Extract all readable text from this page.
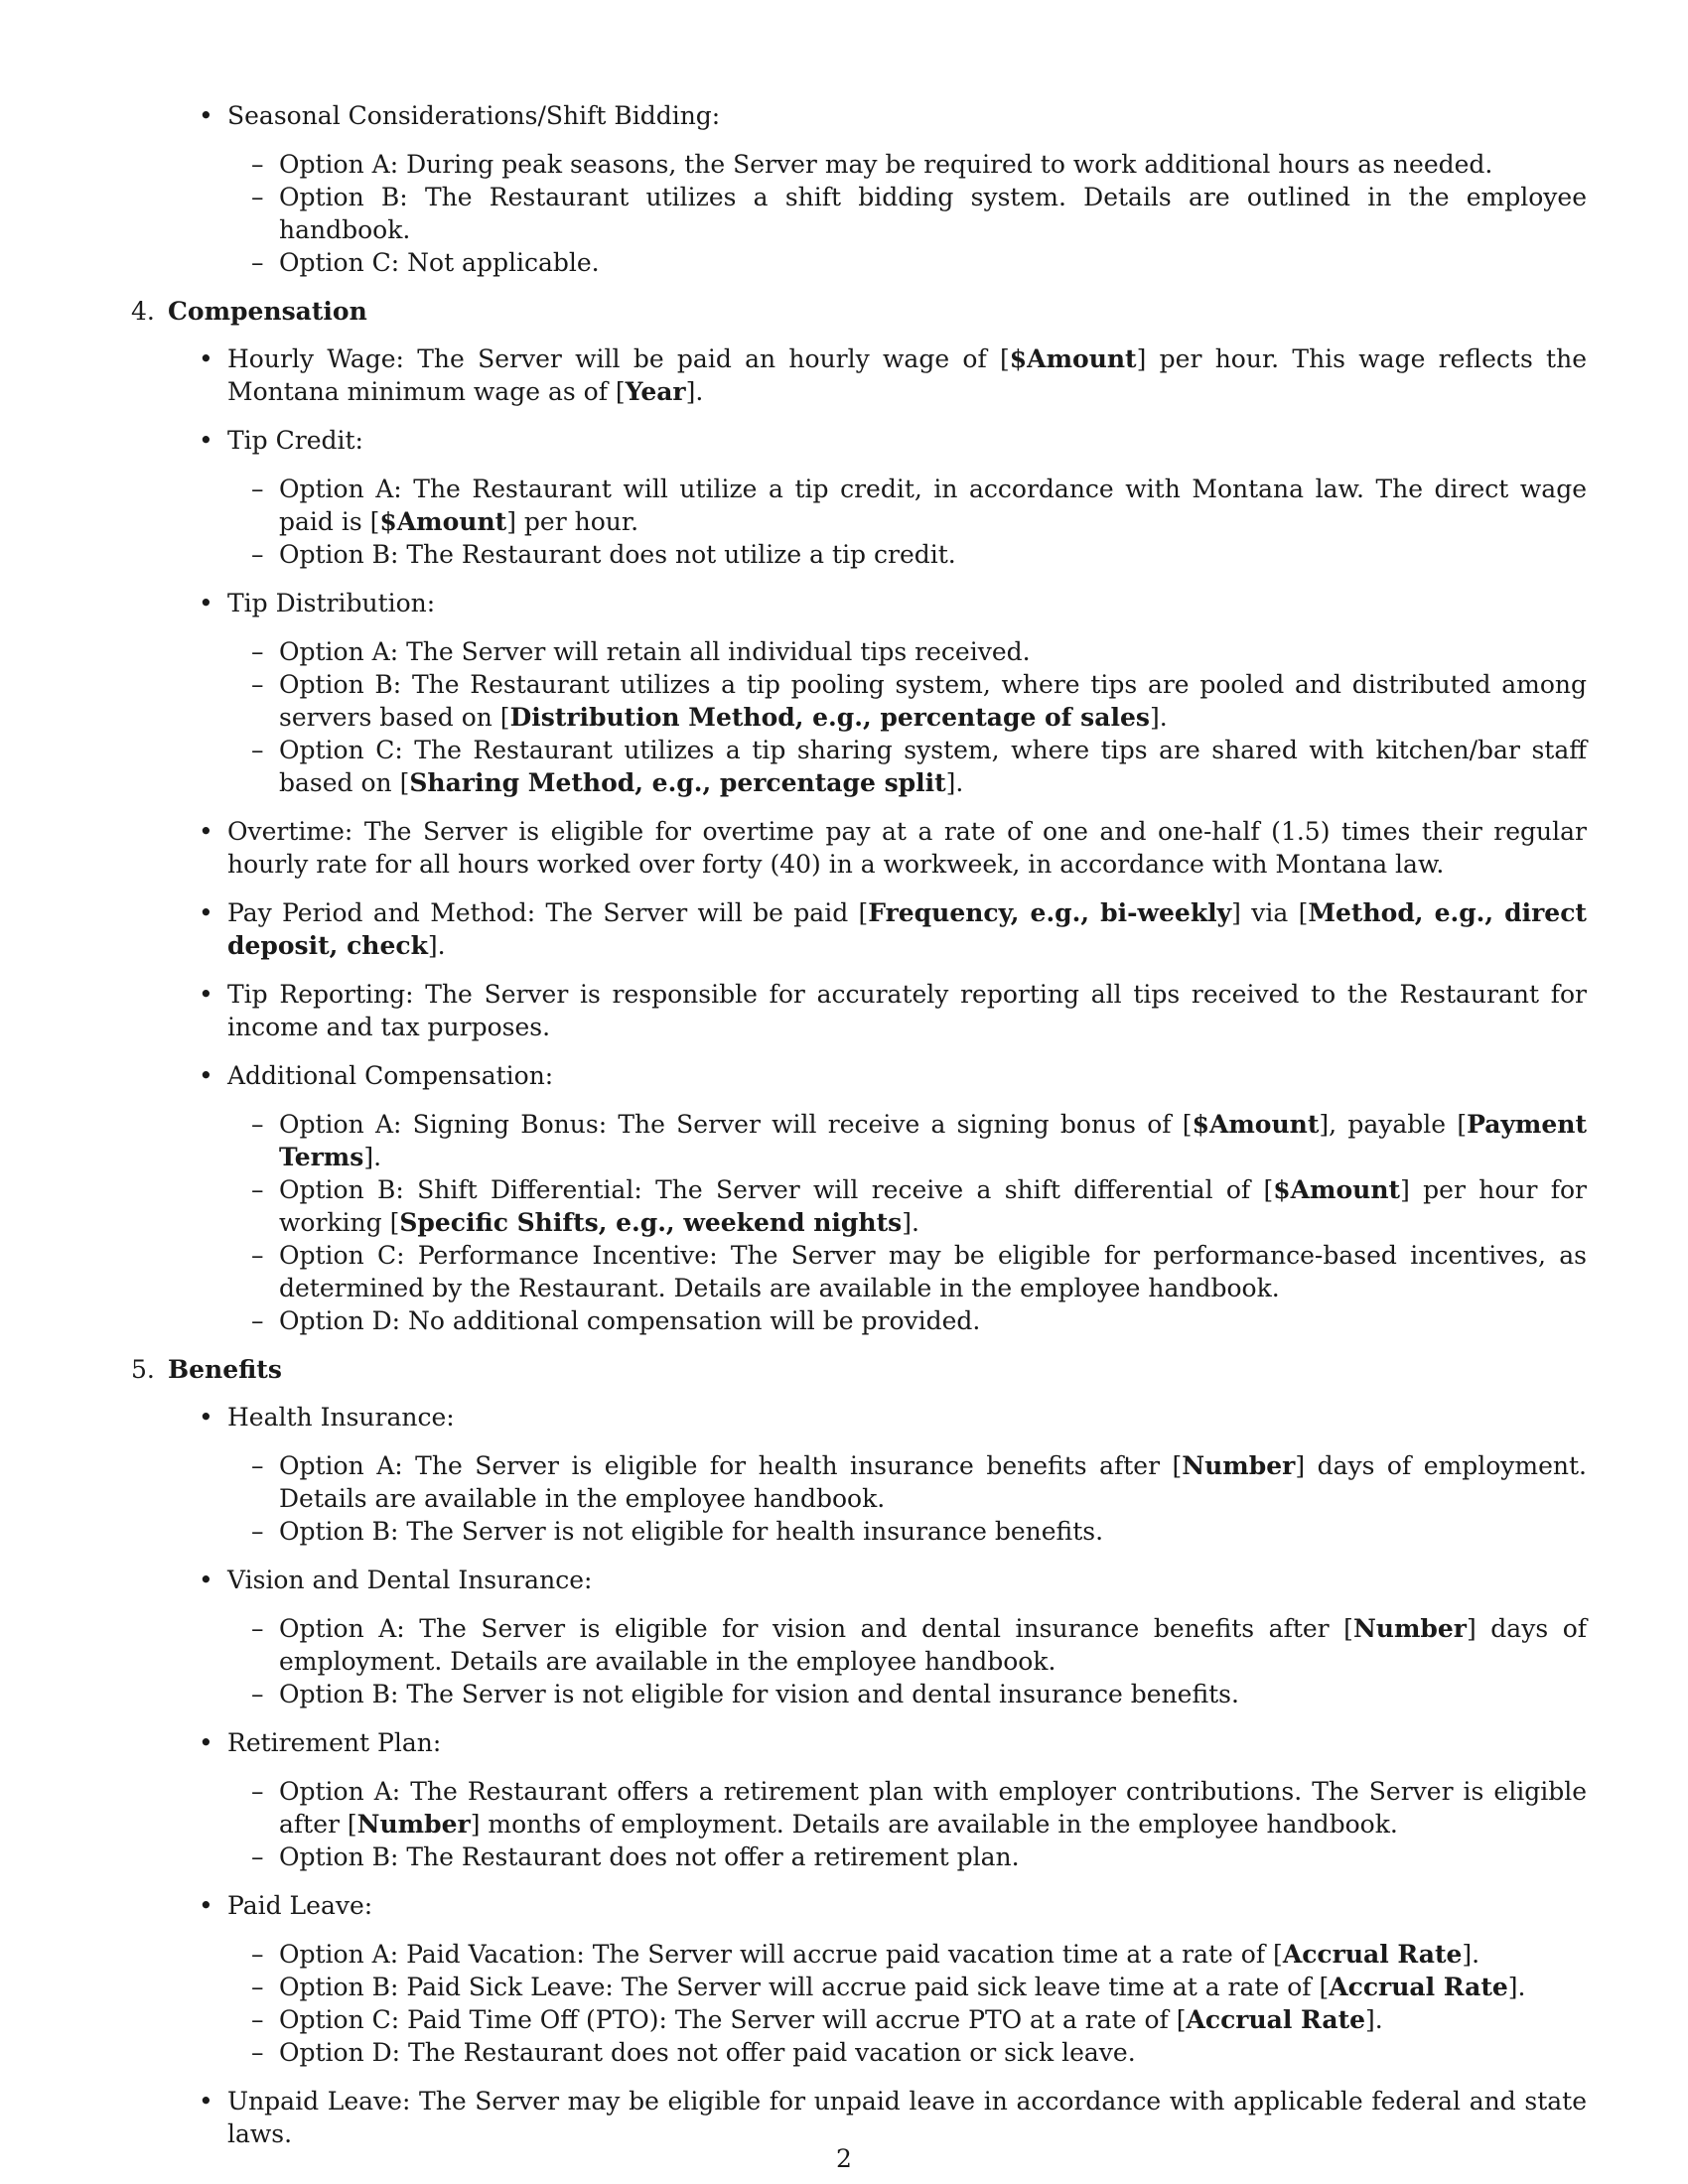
• Seasonal Considerations/Shift Bidding:
– Option A: During peak seasons, the Server may be required to work additional hours as needed.
– Option B: The Restaurant utilizes a shift bidding system. Details are outlined in the employee handbook.
– Option C: Not applicable.
4. Compensation
• Hourly Wage: The Server will be paid an hourly wage of [$Amount] per hour. This wage reflects the Montana minimum wage as of [Year].
• Tip Credit:
– Option A: The Restaurant will utilize a tip credit, in accordance with Montana law. The direct wage paid is [$Amount] per hour.
– Option B: The Restaurant does not utilize a tip credit.
• Tip Distribution:
– Option A: The Server will retain all individual tips received.
– Option B: The Restaurant utilizes a tip pooling system, where tips are pooled and distributed among servers based on [Distribution Method, e.g., percentage of sales].
– Option C: The Restaurant utilizes a tip sharing system, where tips are shared with kitchen/bar staff based on [Sharing Method, e.g., percentage split].
• Overtime: The Server is eligible for overtime pay at a rate of one and one-half (1.5) times their regular hourly rate for all hours worked over forty (40) in a workweek, in accordance with Montana law.
• Pay Period and Method: The Server will be paid [Frequency, e.g., bi-weekly] via [Method, e.g., direct deposit, check].
• Tip Reporting: The Server is responsible for accurately reporting all tips received to the Restaurant for income and tax purposes.
• Additional Compensation:
– Option A: Signing Bonus: The Server will receive a signing bonus of [$Amount], payable [Payment Terms].
– Option B: Shift Differential: The Server will receive a shift differential of [$Amount] per hour for working [Specific Shifts, e.g., weekend nights].
– Option C: Performance Incentive: The Server may be eligible for performance-based incentives, as determined by the Restaurant. Details are available in the employee handbook.
– Option D: No additional compensation will be provided.
5. Benefits
• Health Insurance:
– Option A: The Server is eligible for health insurance benefits after [Number] days of employment. Details are available in the employee handbook.
– Option B: The Server is not eligible for health insurance benefits.
• Vision and Dental Insurance:
– Option A: The Server is eligible for vision and dental insurance benefits after [Number] days of employment. Details are available in the employee handbook.
– Option B: The Server is not eligible for vision and dental insurance benefits.
• Retirement Plan:
– Option A: The Restaurant offers a retirement plan with employer contributions. The Server is eligible after [Number] months of employment. Details are available in the employee handbook.
– Option B: The Restaurant does not offer a retirement plan.
• Paid Leave:
– Option A: Paid Vacation: The Server will accrue paid vacation time at a rate of [Accrual Rate].
– Option B: Paid Sick Leave: The Server will accrue paid sick leave time at a rate of [Accrual Rate].
– Option C: Paid Time Off (PTO): The Server will accrue PTO at a rate of [Accrual Rate].
– Option D: The Restaurant does not offer paid vacation or sick leave.
• Unpaid Leave: The Server may be eligible for unpaid leave in accordance with applicable federal and state laws.
2
